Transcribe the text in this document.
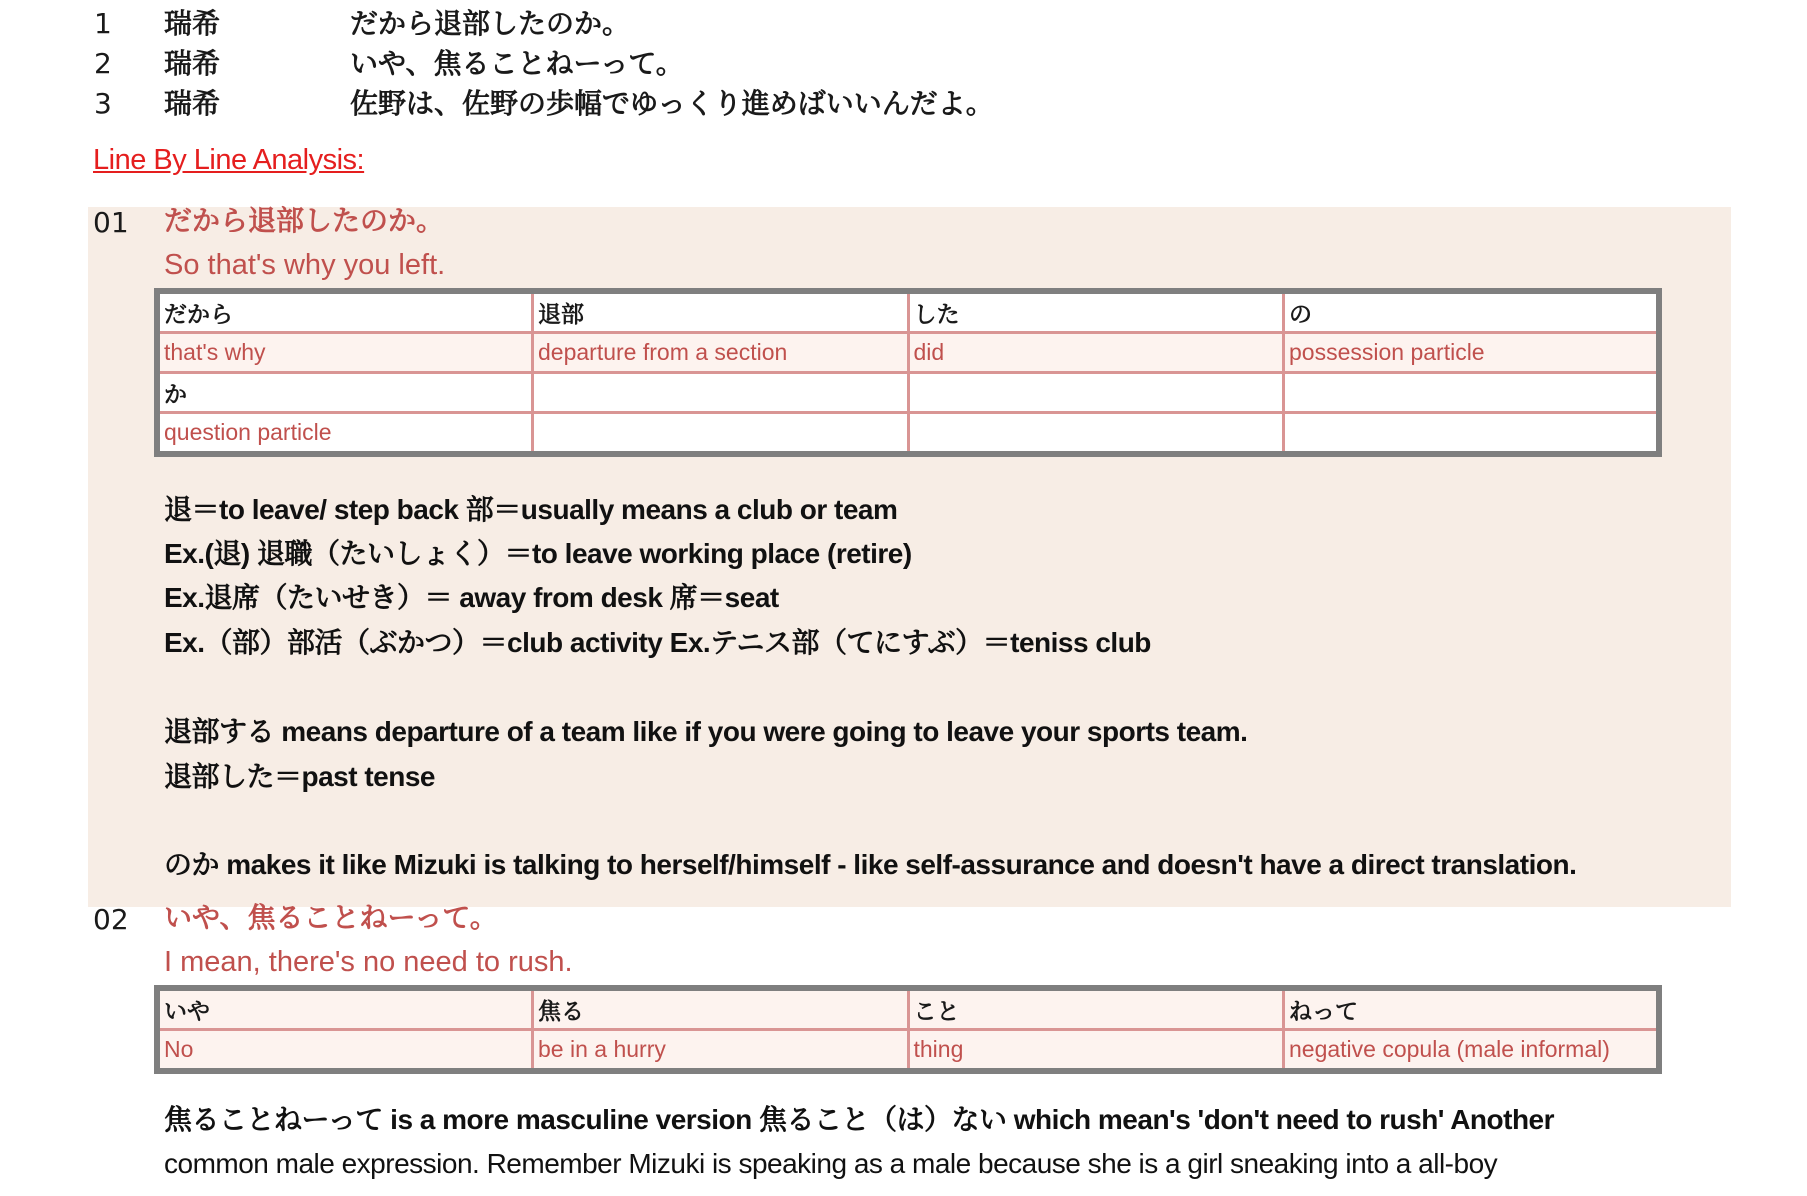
1	瑞希	だから退部したのか。
2	瑞希	いや、焦ることねーって。
3	瑞希	佐野は、佐野の歩幅でゆっくり進めばいいんだよ。
Line By Line Analysis:
01 だから退部したのか。
So that's why you left.
だから	退部	した	の
that's why	departure from a section	did	possession particle
か			
question particle			
退＝to leave/ step back 部＝usually means a club or team
Ex.(退) 退職（たいしょく）＝to leave working place (retire)
Ex.退席（たいせき）＝ away from desk 席＝seat
Ex.（部）部活（ぶかつ）＝club activity Ex.テニス部（てにすぶ）＝teniss club
退部する means departure of a team like if you were going to leave your sports team.
退部した＝past tense
のか makes it like Mizuki is talking to herself/himself - like self-assurance and doesn't have a direct translation.
02 いや、焦ることねーって。
I mean, there's no need to rush.
いや	焦る	こと	ねって
No	be in a hurry	thing	negative copula (male informal)
焦ることねーって is a more masculine version 焦ること（は）ない which mean's 'don't need to rush' Another
common male expression. Remember Mizuki is speaking as a male because she is a girl sneaking into a all-boy
